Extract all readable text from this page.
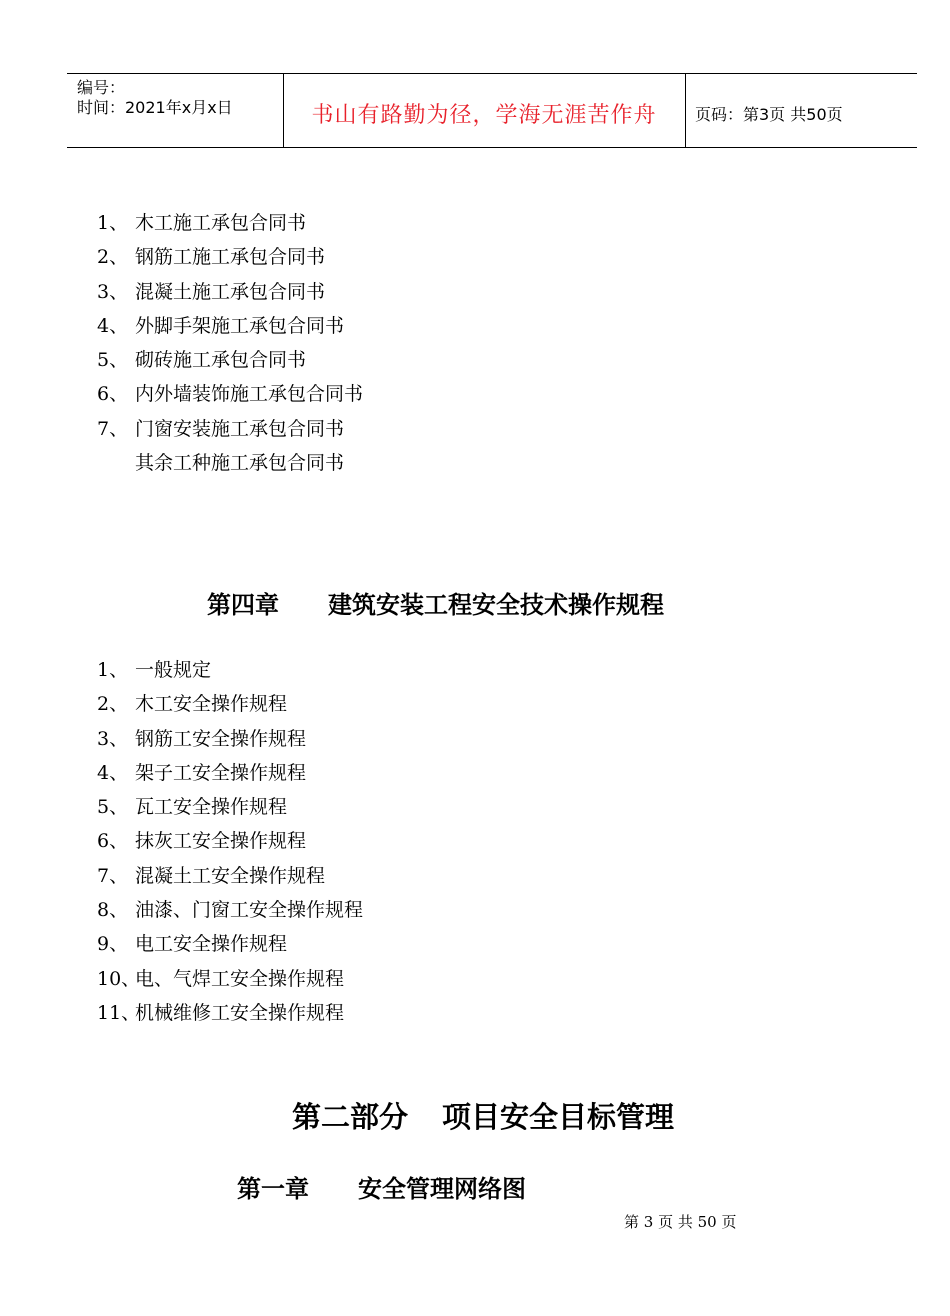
编号：
时间：2021年x月x日	书山有路勤为径，学海无涯苦作舟	页码：第3页 共50页
1、 木工施工承包合同书
2、 钢筋工施工承包合同书
3、 混凝土施工承包合同书
4、 外脚手架施工承包合同书
5、 砌砖施工承包合同书
6、 内外墙装饰施工承包合同书
7、 门窗安装施工承包合同书
其余工种施工承包合同书
第四章 建筑安装工程安全技术操作规程
1、 一般规定
2、 木工安全操作规程
3、 钢筋工安全操作规程
4、 架子工安全操作规程
5、 瓦工安全操作规程
6、 抹灰工安全操作规程
7、 混凝土工安全操作规程
8、 油漆、门窗工安全操作规程
9、 电工安全操作规程
10、
电、气焊工安全操作规程
11、
机械维修工安全操作规程
第二部分 项目安全目标管理
第一章 安全管理网络图
第 3 页 共 50 页
